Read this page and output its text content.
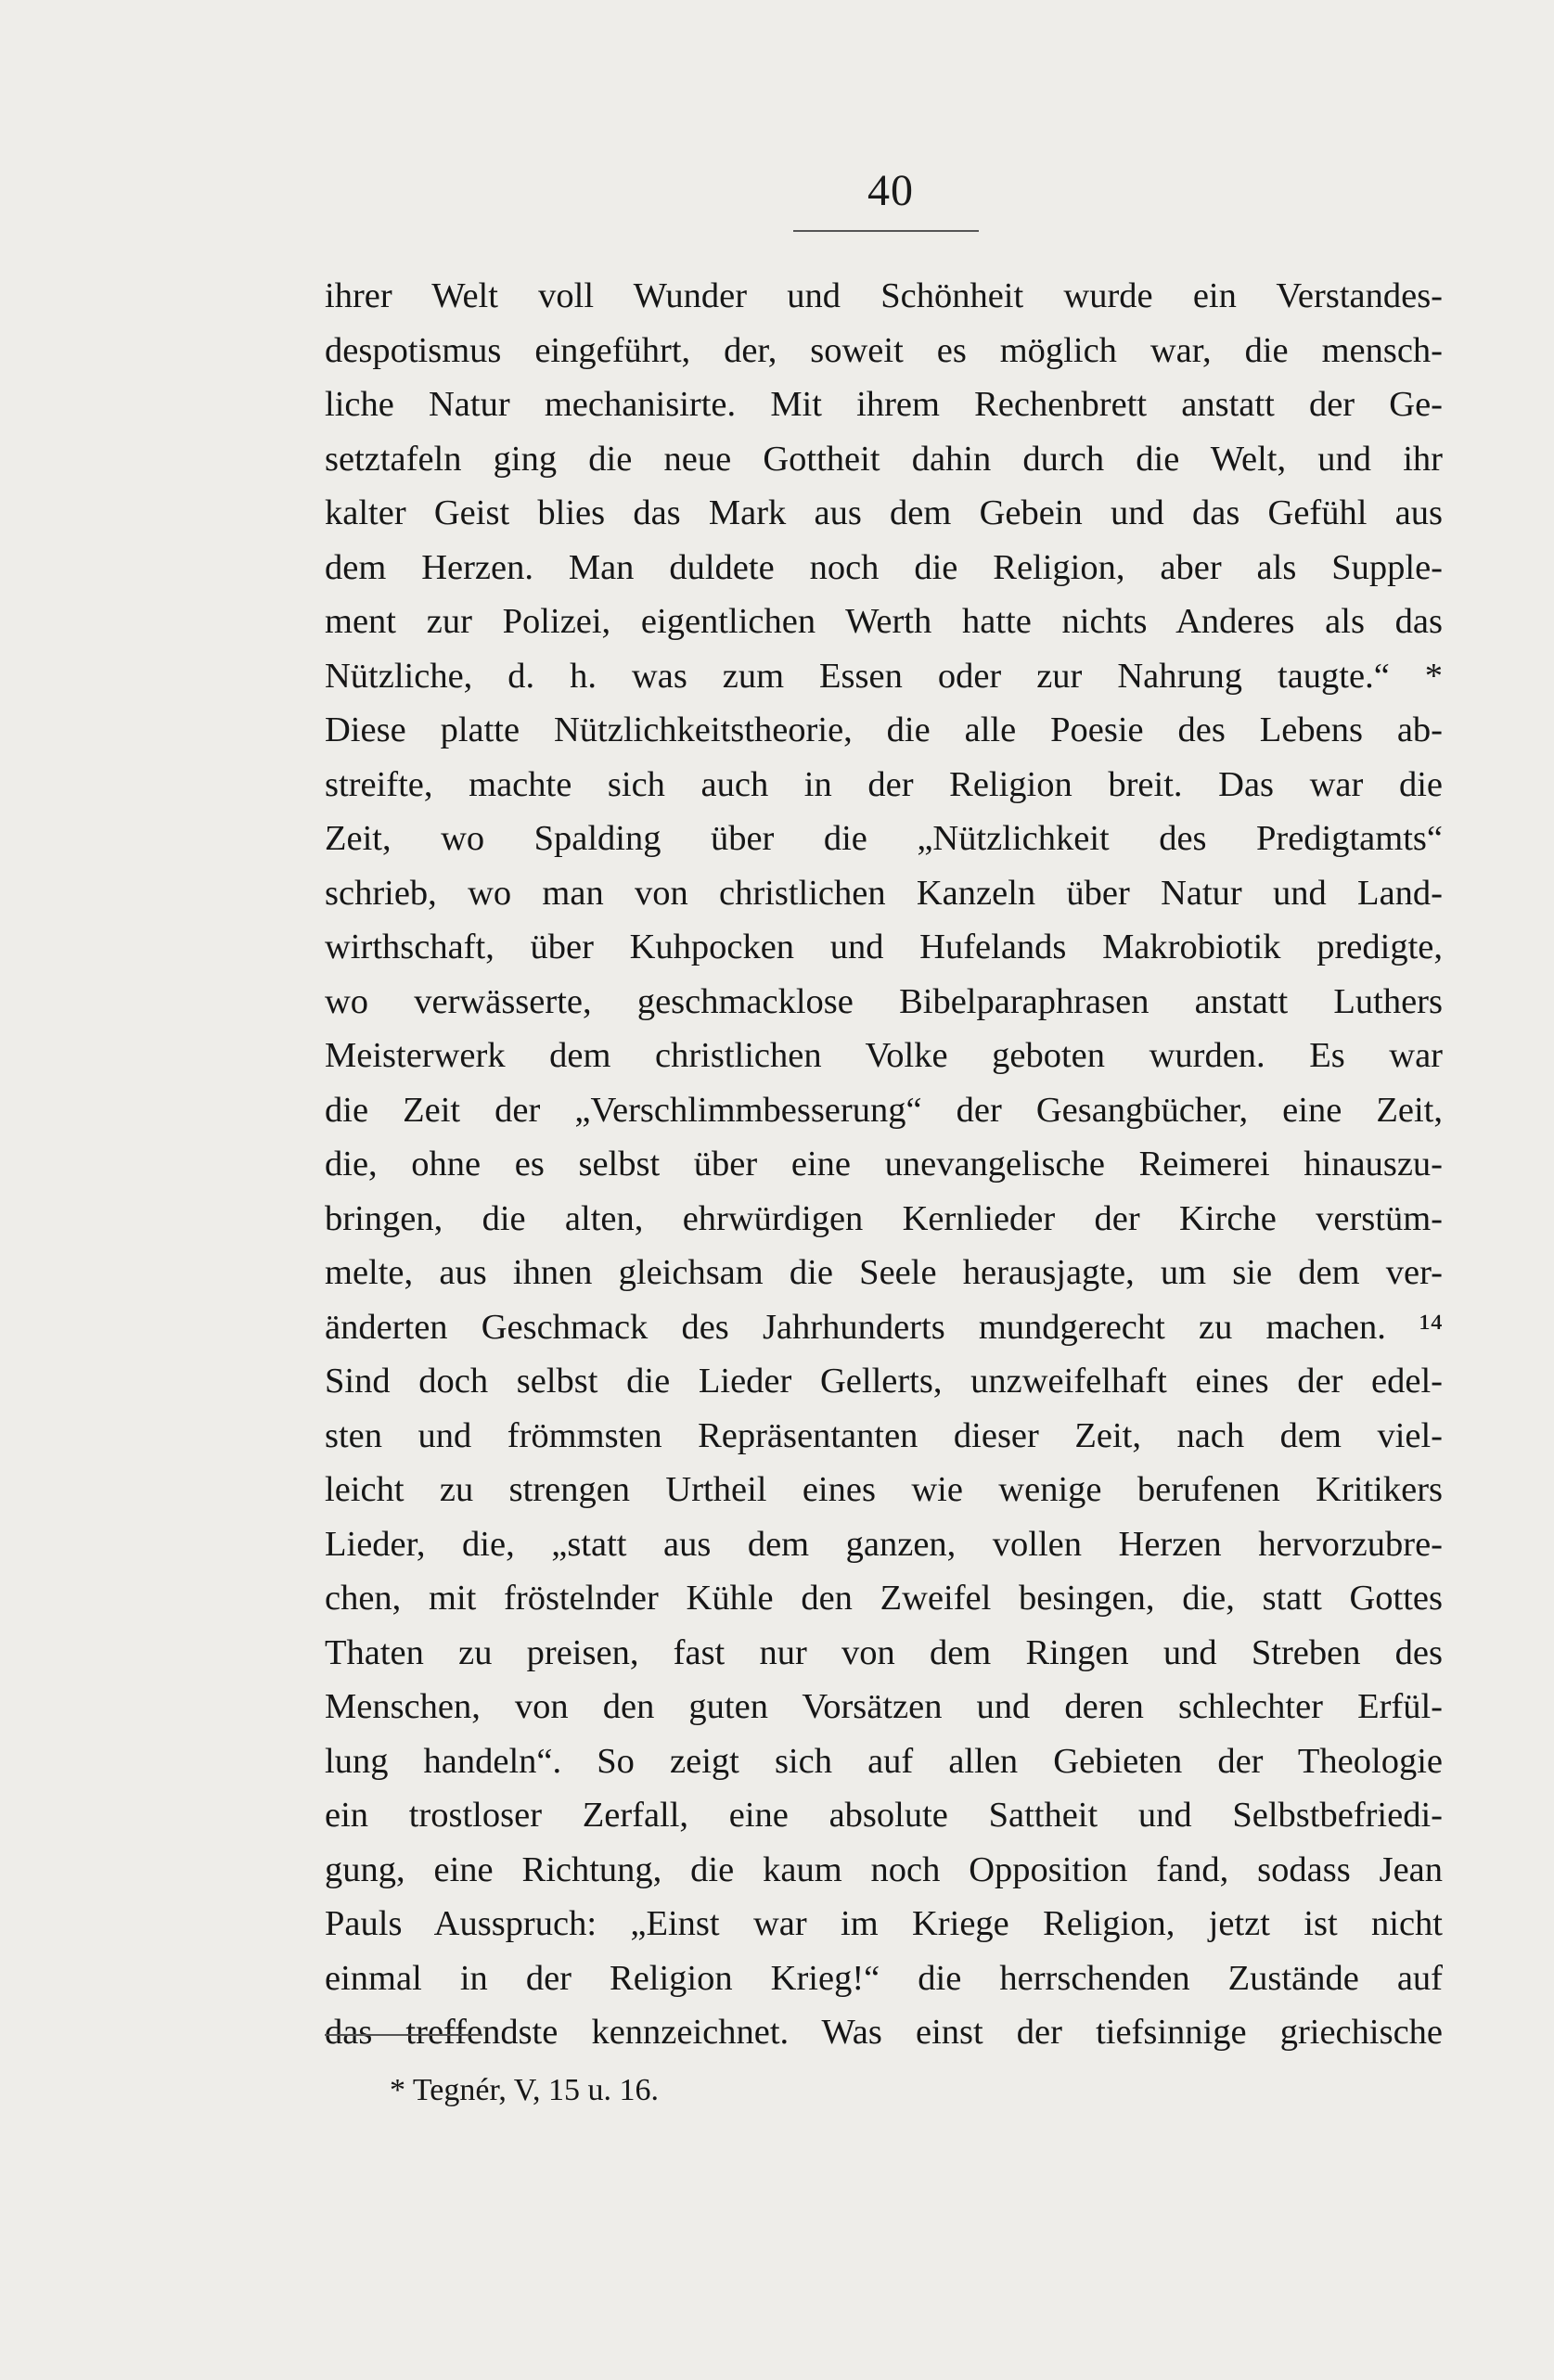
40
ihrer Welt voll Wunder und Schönheit wurde ein Verstandes-
despotismus eingeführt, der, soweit es möglich war, die mensch-
liche Natur mechanisirte. Mit ihrem Rechenbrett anstatt der Ge-
setztafeln ging die neue Gottheit dahin durch die Welt, und ihr
kalter Geist blies das Mark aus dem Gebein und das Gefühl aus
dem Herzen. Man duldete noch die Religion, aber als Supple-
ment zur Polizei, eigentlichen Werth hatte nichts Anderes als das
Nützliche, d. h. was zum Essen oder zur Nahrung taugte.“ *
Diese platte Nützlichkeitstheorie, die alle Poesie des Lebens ab-
streifte, machte sich auch in der Religion breit. Das war die
Zeit, wo Spalding über die „Nützlichkeit des Predigtamts“
schrieb, wo man von christlichen Kanzeln über Natur und Land-
wirthschaft, über Kuhpocken und Hufelands Makrobiotik predigte,
wo verwässerte, geschmacklose Bibelparaphrasen anstatt Luthers
Meisterwerk dem christlichen Volke geboten wurden. Es war
die Zeit der „Verschlimmbesserung“ der Gesangbücher, eine Zeit,
die, ohne es selbst über eine unevangelische Reimerei hinauszu-
bringen, die alten, ehrwürdigen Kernlieder der Kirche verstüm-
melte, aus ihnen gleichsam die Seele herausjagte, um sie dem ver-
änderten Geschmack des Jahrhunderts mundgerecht zu machen. ¹⁴
Sind doch selbst die Lieder Gellerts, unzweifelhaft eines der edel-
sten und frömmsten Repräsentanten dieser Zeit, nach dem viel-
leicht zu strengen Urtheil eines wie wenige berufenen Kritikers
Lieder, die, „statt aus dem ganzen, vollen Herzen hervorzubre-
chen, mit fröstelnder Kühle den Zweifel besingen, die, statt Gottes
Thaten zu preisen, fast nur von dem Ringen und Streben des
Menschen, von den guten Vorsätzen und deren schlechter Erfül-
lung handeln“. So zeigt sich auf allen Gebieten der Theologie
ein trostloser Zerfall, eine absolute Sattheit und Selbstbefriedi-
gung, eine Richtung, die kaum noch Opposition fand, sodass Jean
Pauls Ausspruch: „Einst war im Kriege Religion, jetzt ist nicht
einmal in der Religion Krieg!“ die herrschenden Zustände auf
das treffendste kennzeichnet. Was einst der tiefsinnige griechische
* Tegnér, V, 15 u. 16.
